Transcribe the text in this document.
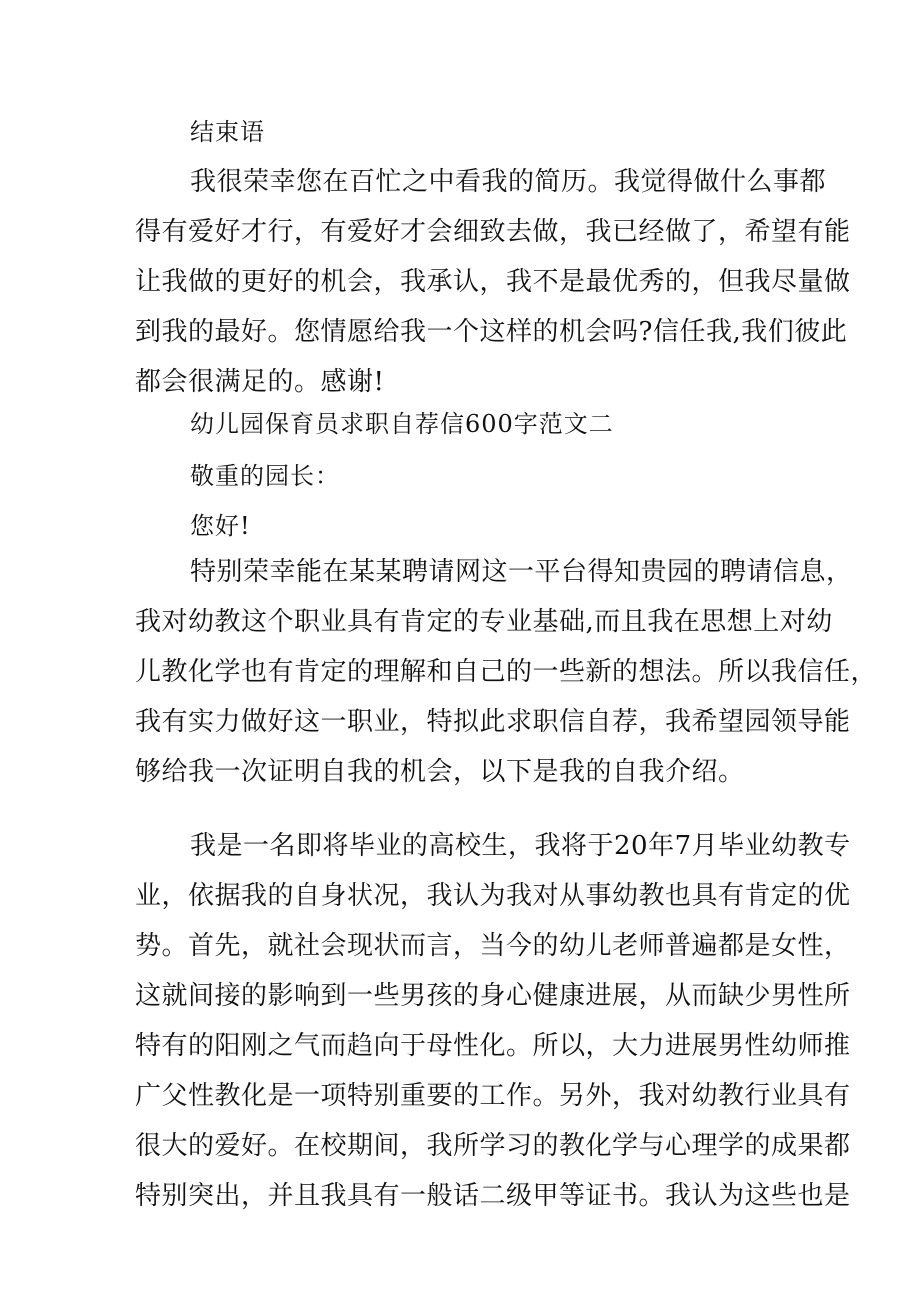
结束语
我很荣幸您在百忙之中看我的简历。我觉得做什么事都
得有爱好才行，有爱好才会细致去做，我已经做了，希望有能
让我做的更好的机会，我承认，我不是最优秀的，但我尽量做
到我的最好。您情愿给我一个这样的机会吗?信任我,我们彼此
都会很满足的。感谢!
幼儿园保育员求职自荐信600字范文二
敬重的园长：
您好!
特别荣幸能在某某聘请网这一平台得知贵园的聘请信息，
我对幼教这个职业具有肯定的专业基础,而且我在思想上对幼
儿教化学也有肯定的理解和自己的一些新的想法。所以我信任，
我有实力做好这一职业，特拟此求职信自荐，我希望园领导能
够给我一次证明自我的机会，以下是我的自我介绍。
我是一名即将毕业的高校生，我将于20年7月毕业幼教专
业，依据我的自身状况，我认为我对从事幼教也具有肯定的优
势。首先，就社会现状而言，当今的幼儿老师普遍都是女性，
这就间接的影响到一些男孩的身心健康进展，从而缺少男性所
特有的阳刚之气而趋向于母性化。所以，大力进展男性幼师推
广父性教化是一项特别重要的工作。另外，我对幼教行业具有
很大的爱好。在校期间，我所学习的教化学与心理学的成果都
特别突出，并且我具有一般话二级甲等证书。我认为这些也是
